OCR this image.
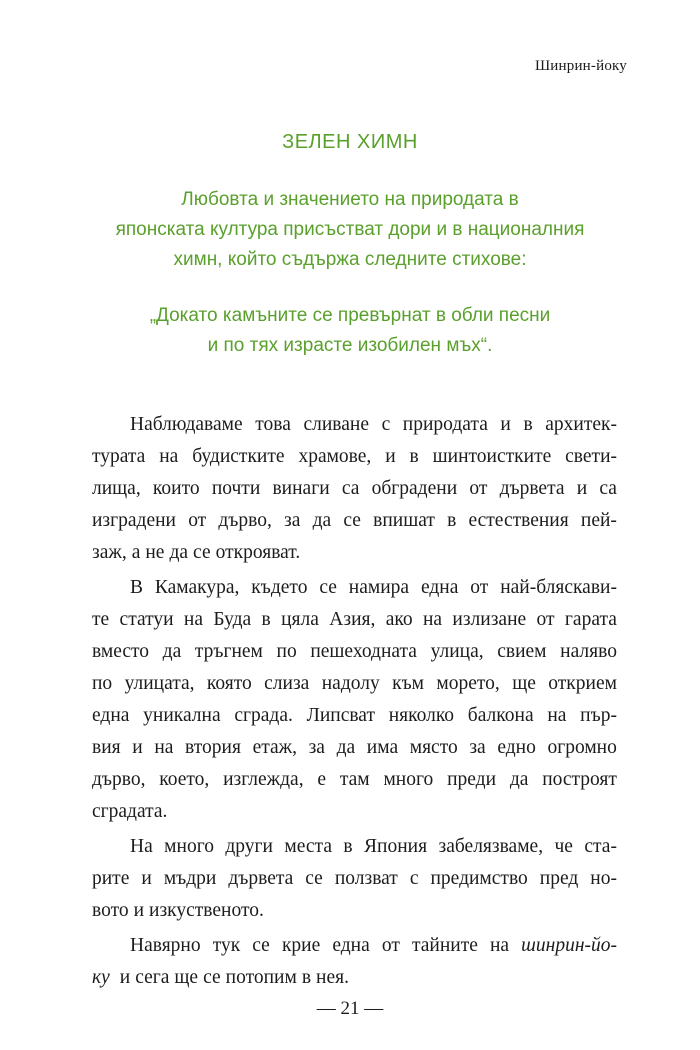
Шинрин-йоку
ЗЕЛЕН ХИМН
Любовта и значението на природата в
японската култура присъстват дори и в националния
химн, който съдържа следните стихове:
„Докато камъните се превърнат в обли песни
и по тях израсте изобилен мъх“.
Наблюдаваме това сливане с природата и в архитек-
турата на будистките храмове, и в шинтоистките свети-
лища, които почти винаги са обградени от дървета и са
изградени от дърво, за да се впишат в естествения пей-
заж, а не да се открояват.
В Камакура, където се намира една от най-бляскави-
те статуи на Буда в цяла Азия, ако на излизане от гарата
вместо да тръгнем по пешеходната улица, свием наляво
по улицата, която слиза надолу към морето, ще открием
една уникална сграда. Липсват няколко балкона на пър-
вия и на втория етаж, за да има място за едно огромно
дърво, което, изглежда, е там много преди да построят
сградата.
На много други места в Япония забелязваме, че ста-
рите и мъдри дървета се ползват с предимство пред но-
вото и изкуственото.
Навярно тук се крие една от тайните на шинрин-йо-
ку и сега ще се потопим в нея.
— 21 —
